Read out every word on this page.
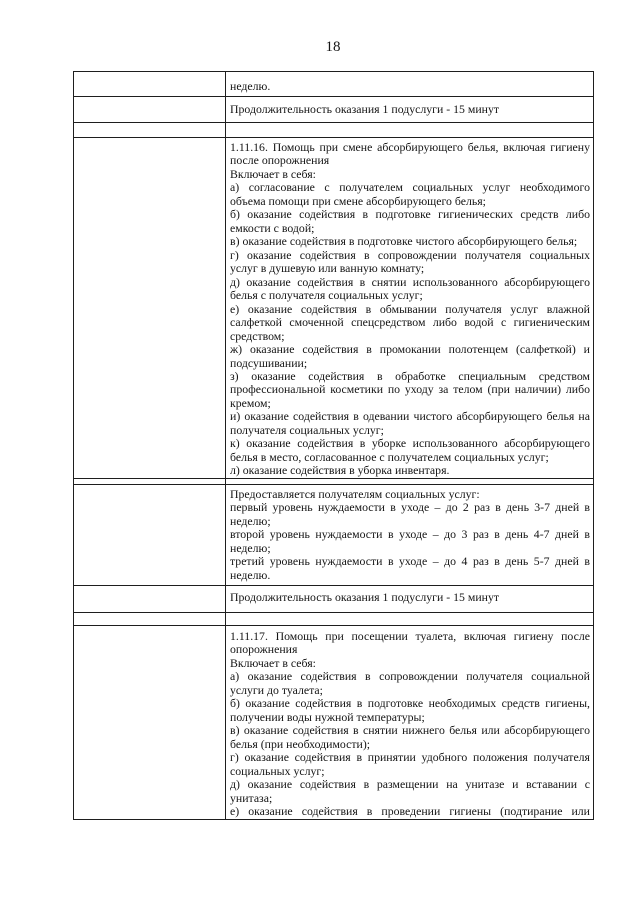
18
неделю.
Продолжительность оказания 1 подуслуги - 15 минут
1.11.16. Помощь при смене абсорбирующего белья, включая гигиену
после опорожнения
Включает в себя:
а) согласование с получателем социальных услуг необходимого
объема помощи при смене абсорбирующего белья;
б) оказание содействия в подготовке гигиенических средств либо
емкости с водой;
в) оказание содействия в подготовке чистого абсорбирующего белья;
г) оказание содействия в сопровождении получателя социальных
услуг в душевую или ванную комнату;
д) оказание содействия в снятии использованного абсорбирующего
белья с получателя социальных услуг;
е) оказание содействия в обмывании получателя услуг влажной
салфеткой смоченной спецсредством либо водой с гигиеническим
средством;
ж) оказание содействия в промокании полотенцем (салфеткой) и
подсушивании;
з) оказание содействия в обработке специальным средством
профессиональной косметики по уходу за телом (при наличии) либо
кремом;
и) оказание содействия в одевании чистого абсорбирующего белья на
получателя социальных услуг;
к) оказание содействия в уборке использованного абсорбирующего
белья в место, согласованное с получателем социальных услуг;
л) оказание содействия в уборка инвентаря.
Предоставляется получателям социальных услуг:
первый уровень нуждаемости в уходе – до 2 раз в день 3-7 дней в
неделю;
второй уровень нуждаемости в уходе – до 3 раз в день 4-7 дней в
неделю;
третий уровень нуждаемости в уходе – до 4 раз в день 5-7 дней в
неделю.
Продолжительность оказания 1 подуслуги - 15 минут
1.11.17. Помощь при посещении туалета, включая гигиену после
опорожнения
Включает в себя:
а) оказание содействия в сопровождении получателя социальной
услуги до туалета;
б) оказание содействия в подготовке необходимых средств гигиены,
получении воды нужной температуры;
в) оказание содействия в снятии нижнего белья или абсорбирующего
белья (при необходимости);
г) оказание содействия в принятии удобного положения получателя
социальных услуг;
д) оказание содействия в размещении на унитазе и вставании с
унитаза;
е) оказание содействия в проведении гигиены (подтирание или
